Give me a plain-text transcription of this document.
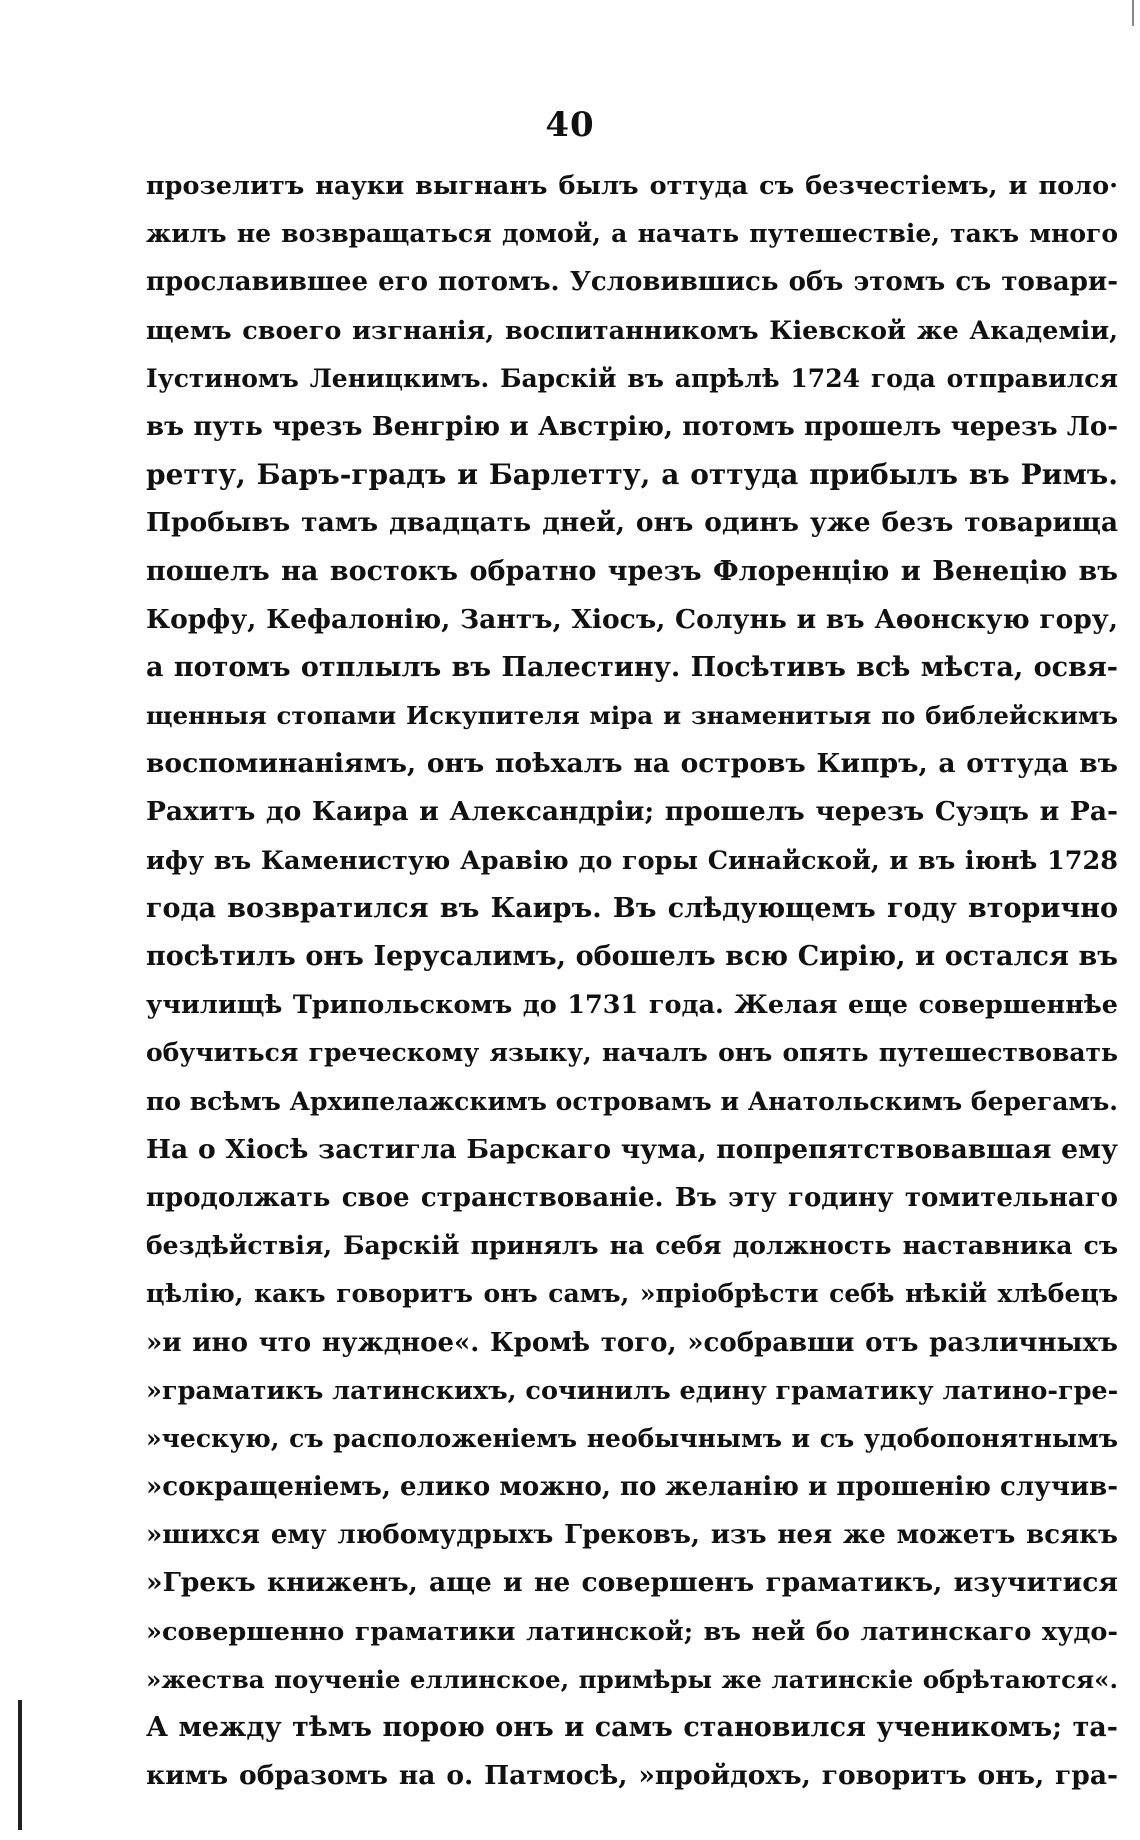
40
прозелитъ науки выгнанъ былъ оттуда съ безчестіемъ, и поло·
жилъ не возвращаться домой, а начать путешествіе, такъ много
прославившее его потомъ. Условившись объ этомъ съ товари-
щемъ своего изгнанія, воспитанникомъ Кіевской же Академіи,
Іустиномъ Леницкимъ. Барскій въ апрѣлѣ 1724 года отправился
въ путь чрезъ Венгрію и Австрію, потомъ прошелъ черезъ Ло-
ретту, Баръ-градъ и Барлетту, а оттуда прибылъ въ Римъ.
Пробывъ тамъ двадцать дней, онъ одинъ уже безъ товарища
пошелъ на востокъ обратно чрезъ Флоренцію и Венецію въ
Корфу, Кефалонію, Зантъ, Хіосъ, Солунь и въ Аѳонскую гору,
а потомъ отплылъ въ Палестину. Посѣтивъ всѣ мѣста, освя-
щенныя стопами Искупителя міра и знаменитыя по библейскимъ
воспоминаніямъ, онъ поѣхалъ на островъ Кипръ, а оттуда въ
Рахитъ до Каира и Александріи; прошелъ черезъ Суэцъ и Ра-
ифу въ Каменистую Аравію до горы Синайской, и въ іюнѣ 1728
года возвратился въ Каиръ. Въ слѣдующемъ году вторично
посѣтилъ онъ Іерусалимъ, обошелъ всю Сирію, и остался въ
училищѣ Трипольскомъ до 1731 года. Желая еще совершеннѣе
обучиться греческому языку, началъ онъ опять путешествовать
по всѣмъ Архипелажскимъ островамъ и Анатольскимъ берегамъ.
На о Хіосѣ застигла Барскаго чума, попрепятствовавшая ему
продолжать свое странствованіе. Въ эту годину томительнаго
бездѣйствія, Барскій принялъ на себя должность наставника съ
цѣлію, какъ говоритъ онъ самъ, »пріобрѣсти себѣ нѣкій хлѣбецъ
»и ино что нуждное«. Кромѣ того, »собравши отъ различныхъ
»граматикъ латинскихъ, сочинилъ едину граматику латино-гре-
»ческую, съ расположеніемъ необычнымъ и съ удобопонятнымъ
»сокращеніемъ, елико можно, по желанію и прошенію случив-
»шихся ему любомудрыхъ Грековъ, изъ нея же можетъ всякъ
»Грекъ книженъ, аще и не совершенъ граматикъ, изучитися
»совершенно граматики латинской; въ ней бо латинскаго худо-
»жества поученіе еллинское, примѣры же латинскіе обрѣтаются«.
А между тѣмъ порою онъ и самъ становился ученикомъ; та-
кимъ образомъ на о. Патмосѣ, »пройдохъ, говоритъ онъ, гра-
